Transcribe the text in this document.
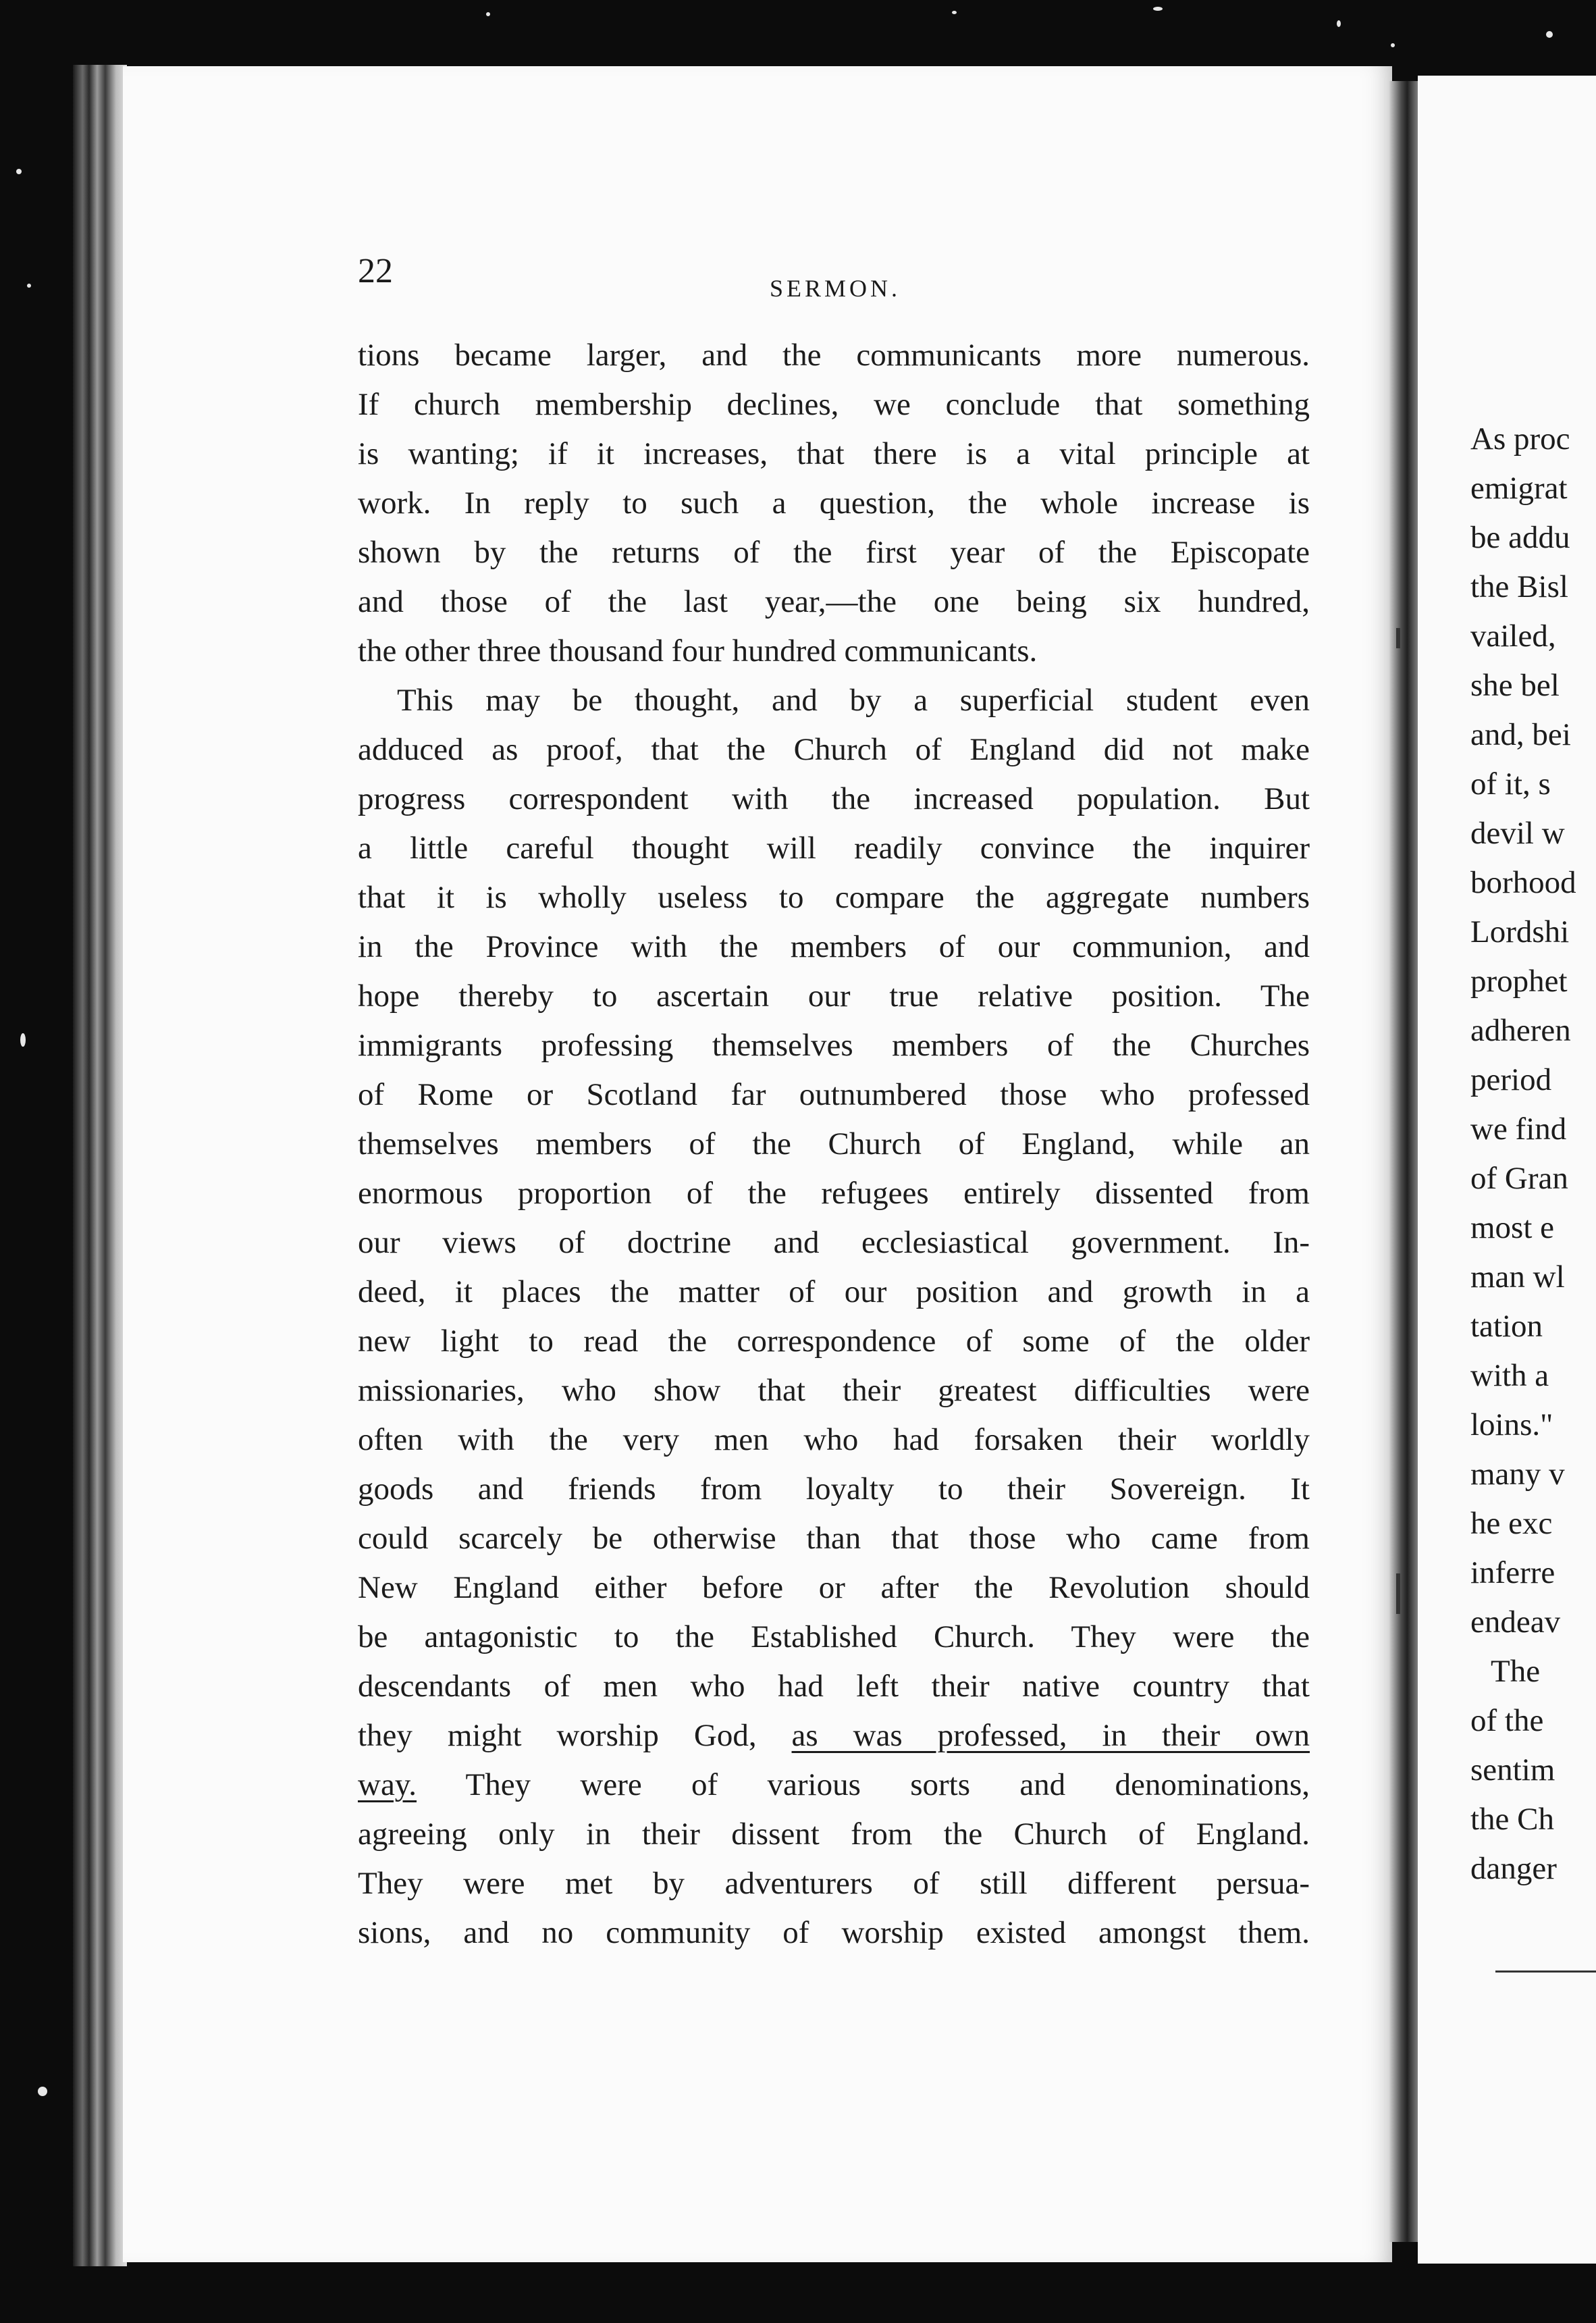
As proc
emigrat
be addu
the Bisl
vailed,
she bel
and, bei
of it, s
devil w
borhood
Lordshi
prophet
adheren
period
we find
of Gran
most e
man wl
tation
with a
loins."
many v
he exc
inferre
endeav
The
of the
sentim
the Ch
danger
22	SERMON.
tions became larger, and the communicants more numerous.
If church membership declines, we conclude that something
is wanting; if it increases, that there is a vital principle at
work. In reply to such a question, the whole increase is
shown by the returns of the first year of the Episcopate
and those of the last year,—the one being six hundred,
the other three thousand four hundred communicants.
This may be thought, and by a superficial student even
adduced as proof, that the Church of England did not make
progress correspondent with the increased population. But
a little careful thought will readily convince the inquirer
that it is wholly useless to compare the aggregate numbers
in the Province with the members of our communion, and
hope thereby to ascertain our true relative position. The
immigrants professing themselves members of the Churches
of Rome or Scotland far outnumbered those who professed
themselves members of the Church of England, while an
enormous proportion of the refugees entirely dissented from
our views of doctrine and ecclesiastical government. In-
deed, it places the matter of our position and growth in a
new light to read the correspondence of some of the older
missionaries, who show that their greatest difficulties were
often with the very men who had forsaken their worldly
goods and friends from loyalty to their Sovereign. It
could scarcely be otherwise than that those who came from
New England either before or after the Revolution should
be antagonistic to the Established Church. They were the
descendants of men who had left their native country that
they might worship God, as was professed, in their own
way. They were of various sorts and denominations,
agreeing only in their dissent from the Church of England.
They were met by adventurers of still different persua-
sions, and no community of worship existed amongst them.
